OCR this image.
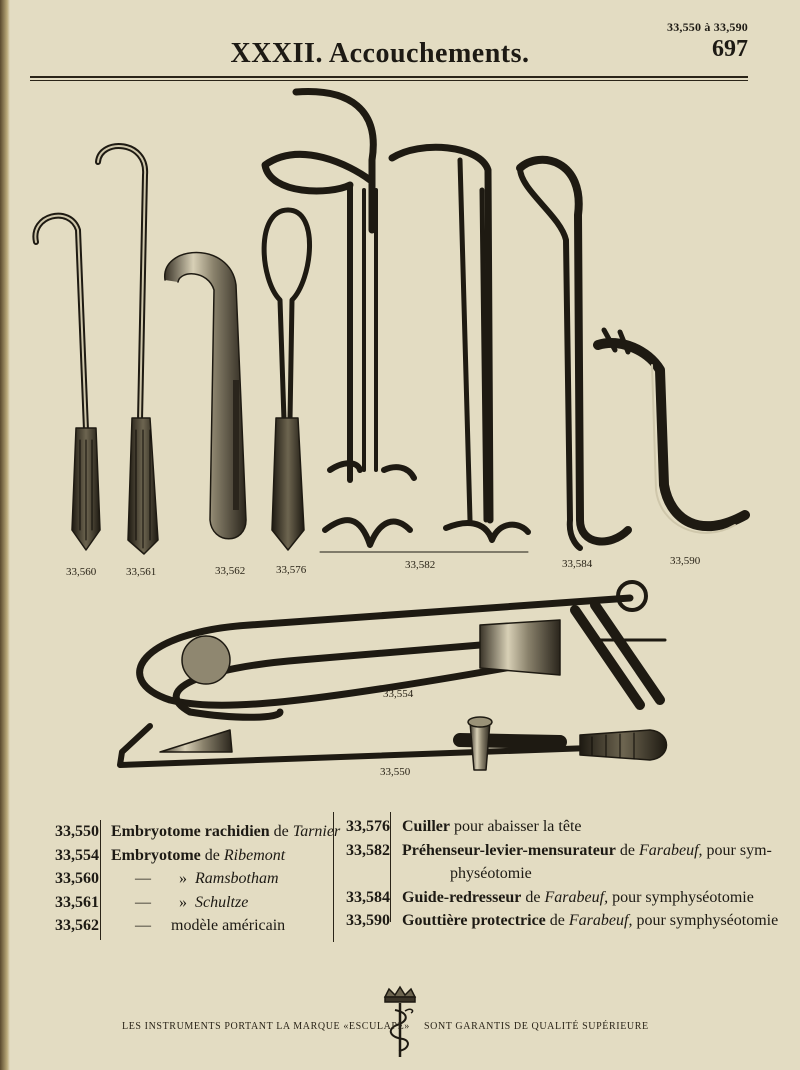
33,550 à 33,590
697
XXXII. Accouchements.
33,560	33,561	33,562	33,576	33,582	33,584	33,590
33,554
33,550
33,550 Embryotome rachidien de Tarnier
33,554 Embryotome de Ribemont
33,560 —       »  Ramsbotham
33,561 —       »  Schultze
33,562 —     modèle américain
33,576 Cuiller pour abaisser la tête
33,582 Préhenseur-levier-mensurateur de Farabeuf, pour sym-
physéotomie
33,584 Guide-redresseur de Farabeuf, pour symphyséotomie
33,590 Gouttière protectrice de Farabeuf, pour symphyséotomie
LES INSTRUMENTS PORTANT LA MARQUE «ESCULAPE» SONT GARANTIS DE QUALITÉ SUPÉRIEURE
